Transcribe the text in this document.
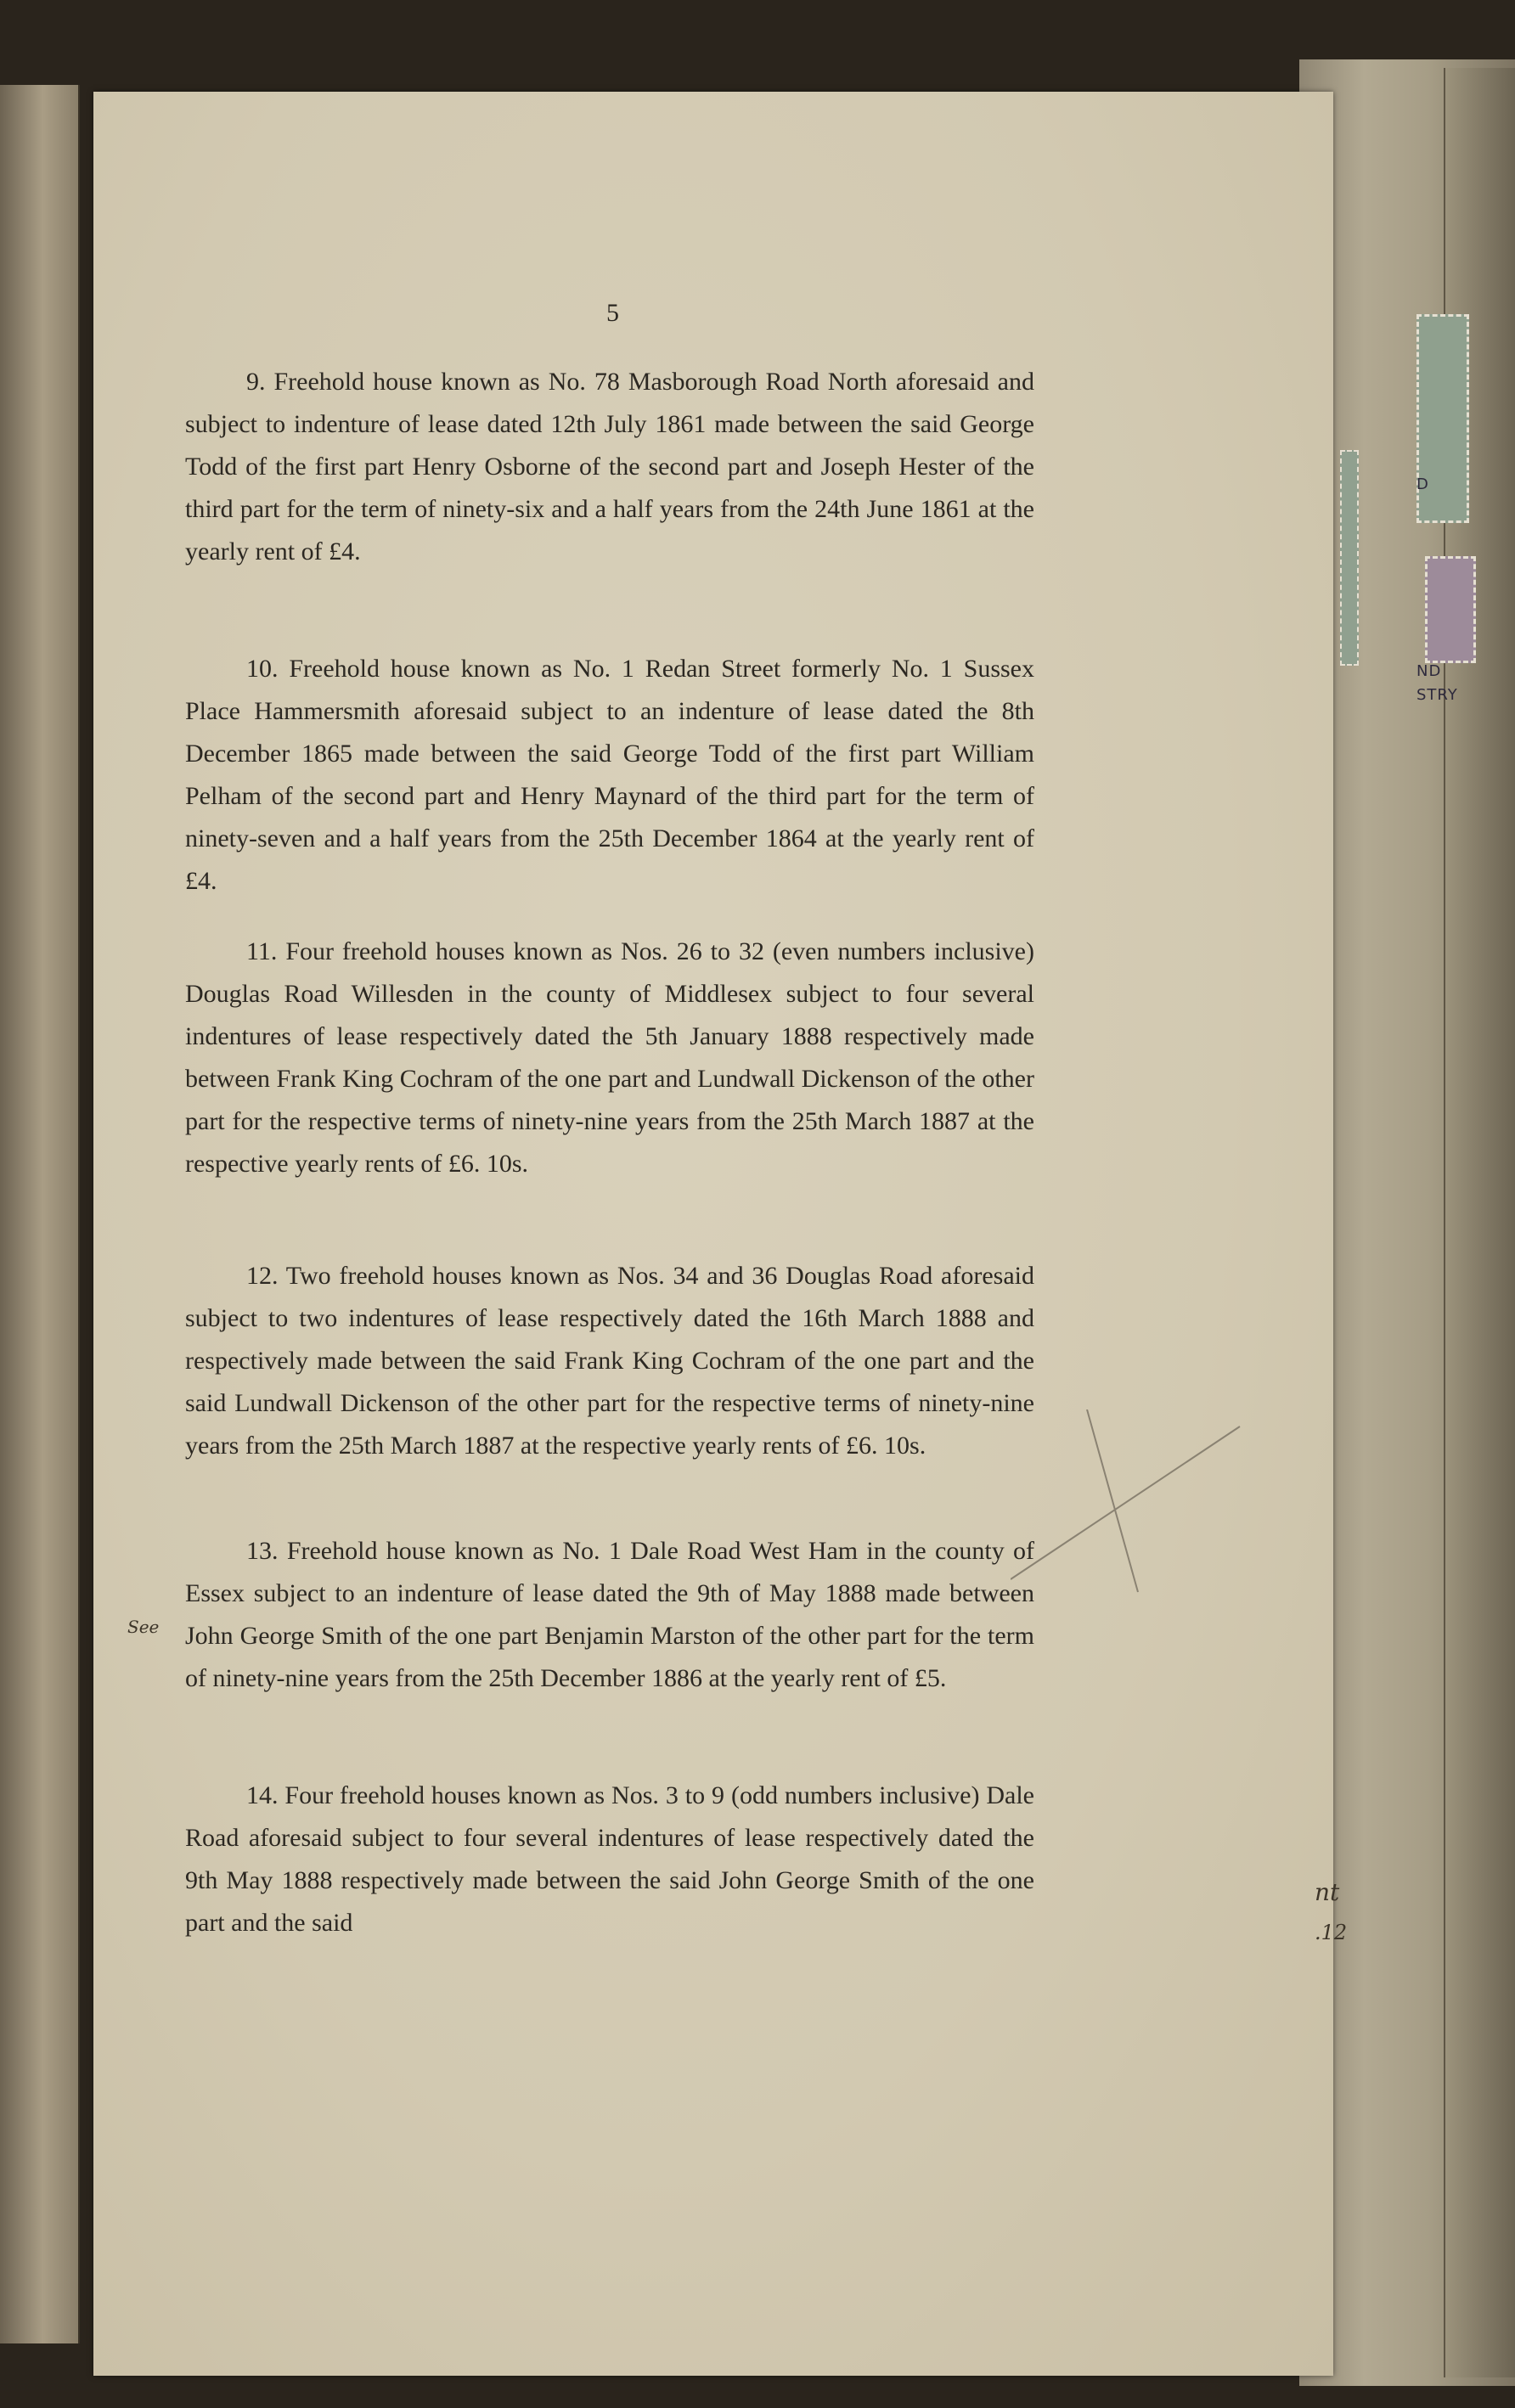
D
ND
STRY
5

9. Freehold house known as No. 78 Masborough Road North aforesaid and subject to indenture of lease dated 12th July 1861 made between the said George Todd of the first part Henry Osborne of the second part and Joseph Hester of the third part for the term of ninety-six and a half years from the 24th June 1861 at the yearly rent of £4.

10. Freehold house known as No. 1 Redan Street formerly No. 1 Sussex Place Hammersmith aforesaid subject to an indenture of lease dated the 8th December 1865 made between the said George Todd of the first part William Pelham of the second part and Henry Maynard of the third part for the term of ninety-seven and a half years from the 25th December 1864 at the yearly rent of £4.

11. Four freehold houses known as Nos. 26 to 32 (even numbers inclusive) Douglas Road Willesden in the county of Middlesex subject to four several indentures of lease respectively dated the 5th January 1888 respectively made between Frank King Cochram of the one part and Lundwall Dickenson of the other part for the respective terms of ninety-nine years from the 25th March 1887 at the respective yearly rents of £6. 10s.

12. Two freehold houses known as Nos. 34 and 36 Douglas Road aforesaid subject to two indentures of lease respectively dated the 16th March 1888 and respectively made between the said Frank King Cochram of the one part and the said Lundwall Dickenson of the other part for the respective terms of ninety-nine years from the 25th March 1887 at the respective yearly rents of £6. 10s.

13. Freehold house known as No. 1 Dale Road West Ham in the county of Essex subject to an indenture of lease dated the 9th of May 1888 made between John George Smith of the one part Benjamin Marston of the other part for the term of ninety-nine years from the 25th December 1886 at the yearly rent of £5.

14. Four freehold houses known as Nos. 3 to 9 (odd numbers inclusive) Dale Road aforesaid subject to four several indentures of lease respectively dated the 9th May 1888 respectively made between the said John George Smith of the one part and the said

See
nt
.12
